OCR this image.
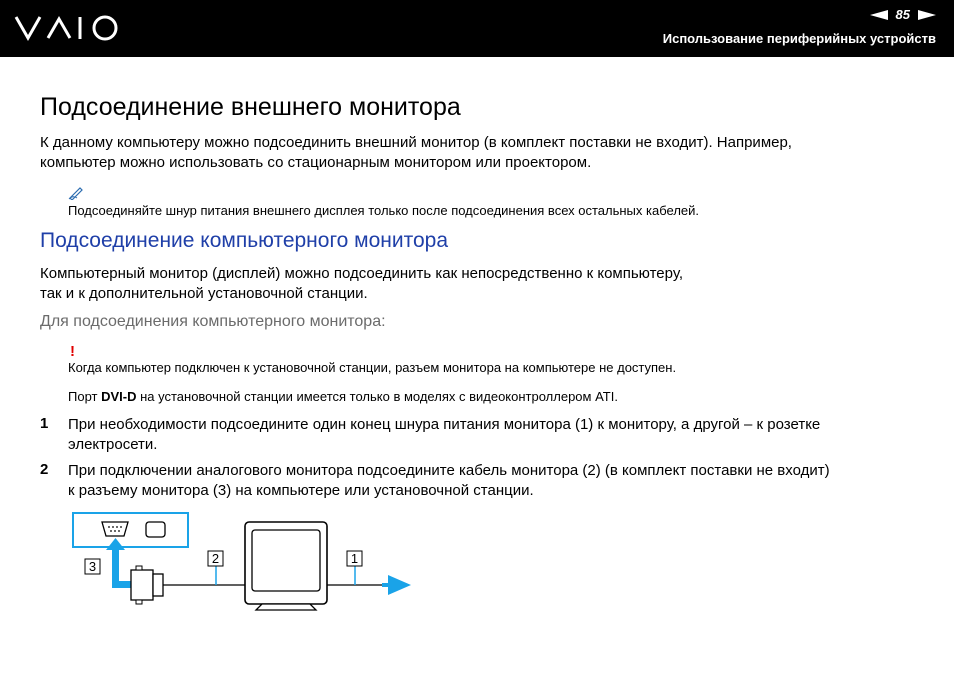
85
Использование периферийных устройств
Подсоединение внешнего монитора
К данному компьютеру можно подсоединить внешний монитор (в комплект поставки не входит). Например,
компьютер можно использовать со стационарным монитором или проектором.
Подсоединяйте шнур питания внешнего дисплея только после подсоединения всех остальных кабелей.
Подсоединение компьютерного монитора
Компьютерный монитор (дисплей) можно подсоединить как непосредственно к компьютеру,
так и к дополнительной установочной станции.
Для подсоединения компьютерного монитора:
!
Когда компьютер подключен к установочной станции, разъем монитора на компьютере не доступен.
Порт DVI-D на установочной станции имеется только в моделях с видеоконтроллером ATI.
1 При необходимости подсоедините один конец шнура питания монитора (1) к монитору, а другой – к розетке
электросети.
2 При подключении аналогового монитора подсоедините кабель монитора (2) (в комплект поставки не входит)
к разъему монитора (3) на компьютере или установочной станции.
2	1
3
